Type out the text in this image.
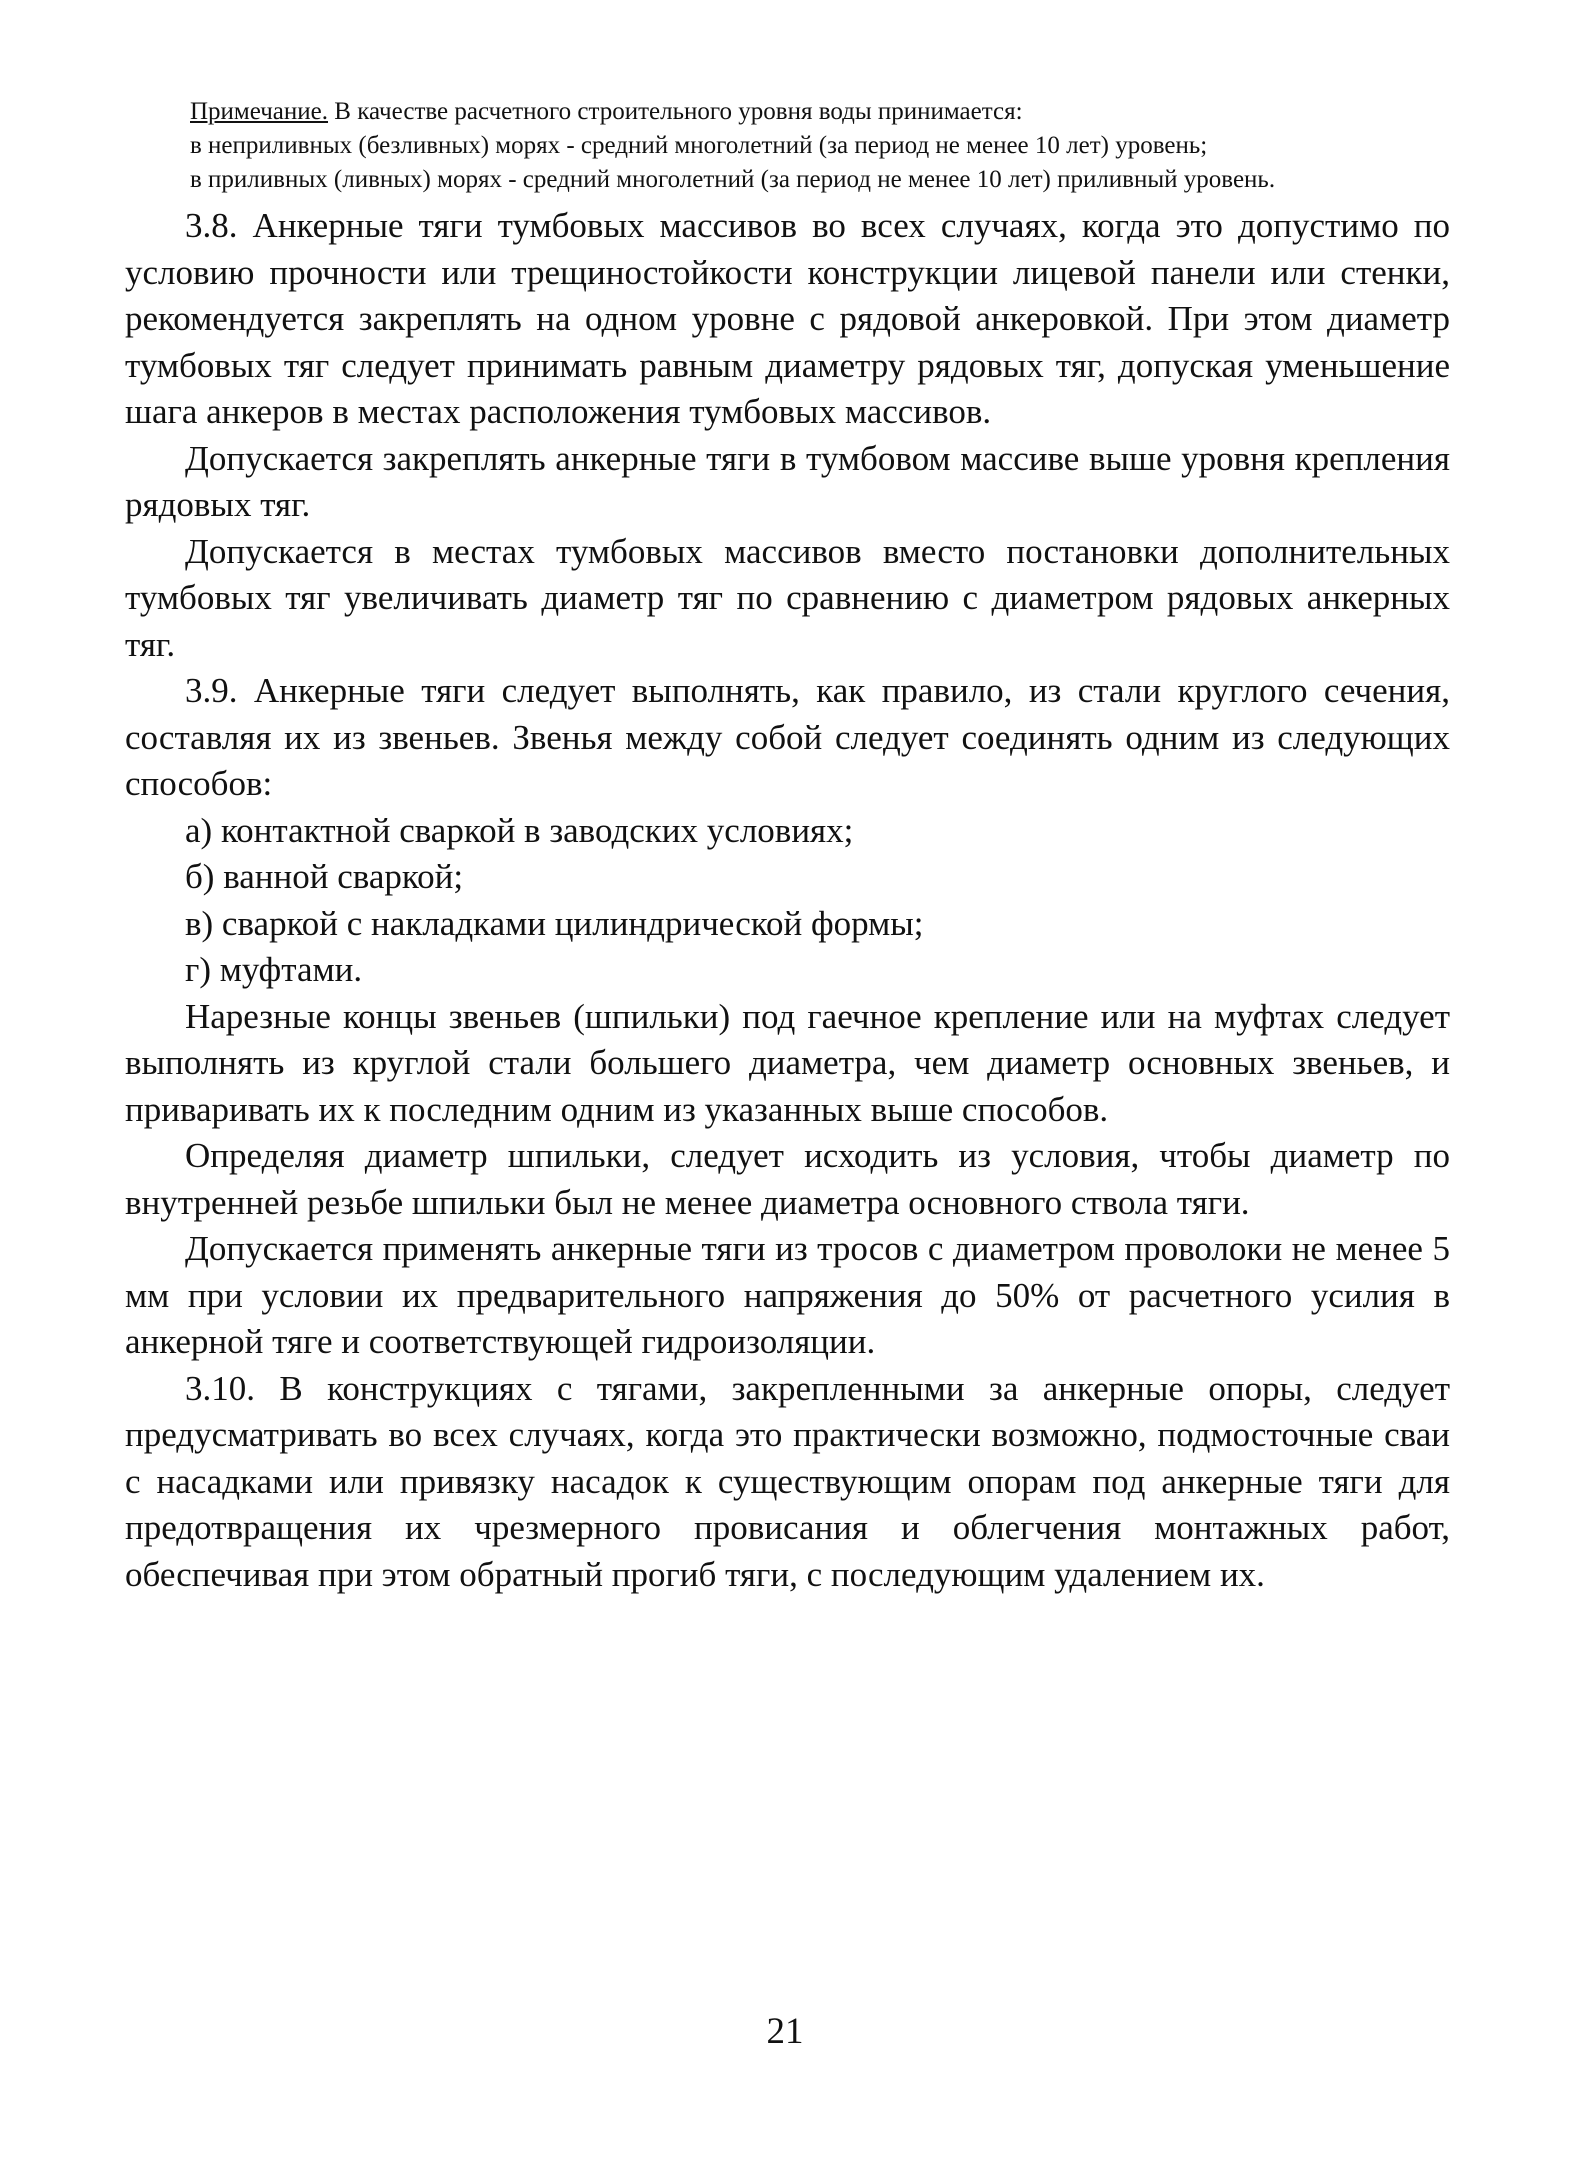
Примечание. В качестве расчетного строительного уровня воды принимается:

в неприливных (безливных) морях - средний многолетний (за период не менее 10 лет) уровень;

в приливных (ливных) морях - средний многолетний (за период не менее 10 лет) приливный уровень.

3.8. Анкерные тяги тумбовых массивов во всех случаях, когда это допустимо по условию прочности или трещиностойкости конструкции лицевой панели или стенки, рекомендуется закреплять на одном уровне с рядовой анкеровкой. При этом диаметр тумбовых тяг следует принимать равным диаметру рядовых тяг, допуская уменьшение шага анкеров в местах расположения тумбовых массивов.

Допускается закреплять анкерные тяги в тумбовом массиве выше уровня крепления рядовых тяг.

Допускается в местах тумбовых массивов вместо постановки дополнительных тумбовых тяг увеличивать диаметр тяг по сравнению с диаметром рядовых анкерных тяг.

3.9. Анкерные тяги следует выполнять, как правило, из стали круглого сечения, составляя их из звеньев. Звенья между собой следует соединять одним из следующих способов:

а) контактной сваркой в заводских условиях;

б) ванной сваркой;

в) сваркой с накладками цилиндрической формы;

г) муфтами.

Нарезные концы звеньев (шпильки) под гаечное крепление или на муфтах следует выполнять из круглой стали большего диаметра, чем диаметр основных звеньев, и приваривать их к последним одним из указанных выше способов.

Определяя диаметр шпильки, следует исходить из условия, чтобы диаметр по внутренней резьбе шпильки был не менее диаметра основного ствола тяги.

Допускается применять анкерные тяги из тросов с диаметром проволоки не менее 5 мм при условии их предварительного напряжения до 50% от расчетного усилия в анкерной тяге и соответствующей гидроизоляции.

3.10. В конструкциях с тягами, закрепленными за анкерные опоры, следует предусматривать во всех случаях, когда это практически возможно, подмосточные сваи с насадками или привязку насадок к существующим опорам под анкерные тяги для предотвращения их чрезмерного провисания и облегчения монтажных работ, обеспечивая при этом обратный прогиб тяги, с последующим удалением их.

21
